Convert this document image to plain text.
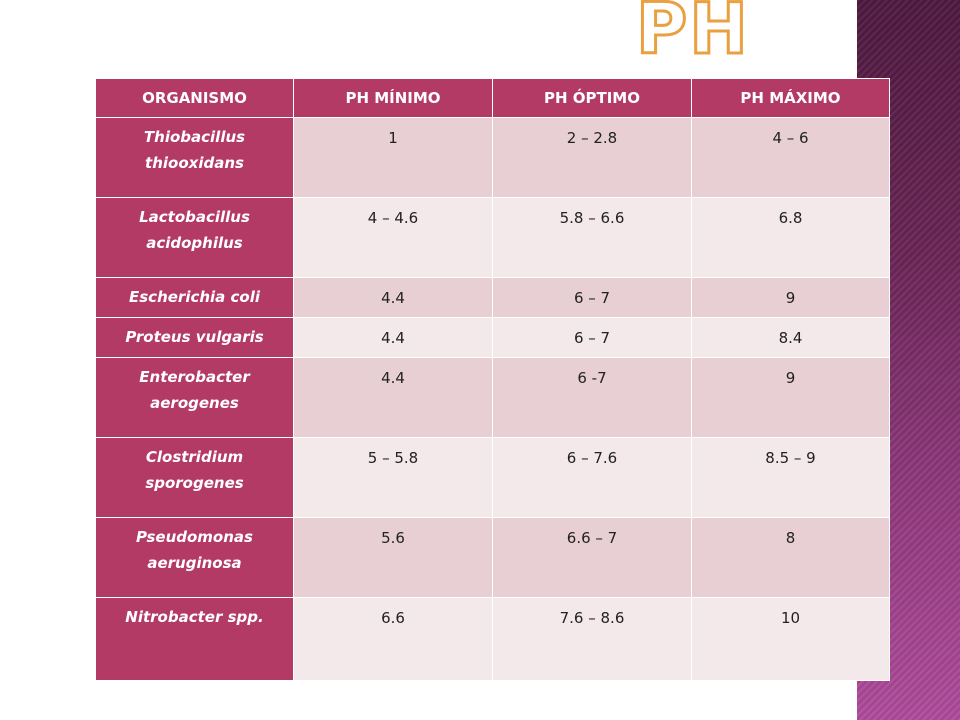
PH
ORGANISMO	PH MÍNIMO	PH ÓPTIMO	PH MÁXIMO
Thiobacillus thiooxidans	1	2 – 2.8	4 – 6
Lactobacillus acidophilus	4 – 4.6	5.8 – 6.6	6.8
Escherichia coli	4.4	6 – 7	9
Proteus vulgaris	4.4	6 – 7	8.4
Enterobacter aerogenes	4.4	6 -7	9
Clostridium sporogenes	5 – 5.8	6 – 7.6	8.5 – 9
Pseudomonas aeruginosa	5.6	6.6 – 7	8
Nitrobacter spp.	6.6	7.6 – 8.6	10
